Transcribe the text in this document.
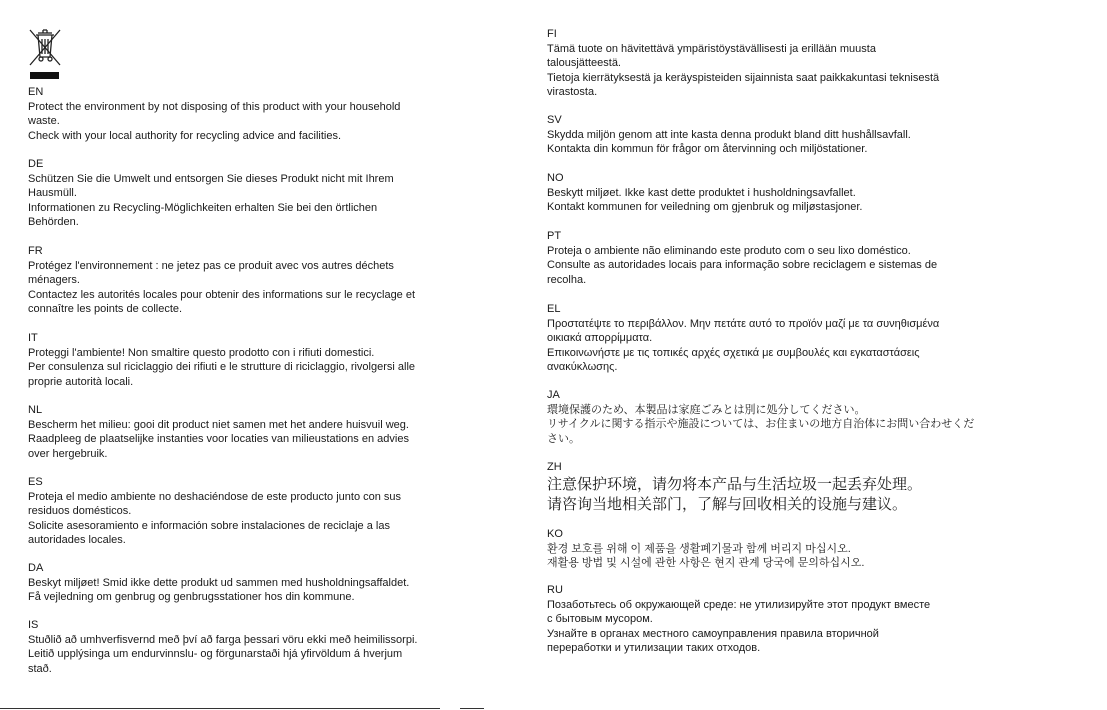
EN
Protect the environment by not disposing of this product with your household
waste.
Check with your local authority for recycling advice and facilities.
DE
Schützen Sie die Umwelt und entsorgen Sie dieses Produkt nicht mit Ihrem
Hausmüll.
Informationen zu Recycling-Möglichkeiten erhalten Sie bei den örtlichen
Behörden.
FR
Protégez l'environnement : ne jetez pas ce produit avec vos autres déchets
ménagers.
Contactez les autorités locales pour obtenir des informations sur le recyclage et
connaître les points de collecte.
IT
Proteggi l'ambiente! Non smaltire questo prodotto con i rifiuti domestici.
Per consulenza sul riciclaggio dei rifiuti e le strutture di riciclaggio, rivolgersi alle
proprie autorità locali.
NL
Bescherm het milieu: gooi dit product niet samen met het andere huisvuil weg.
Raadpleeg de plaatselijke instanties voor locaties van milieustations en advies
over hergebruik.
ES
Proteja el medio ambiente no deshaciéndose de este producto junto con sus
residuos domésticos.
Solicite asesoramiento e información sobre instalaciones de reciclaje a las
autoridades locales.
DA
Beskyt miljøet! Smid ikke dette produkt ud sammen med husholdningsaffaldet.
Få vejledning om genbrug og genbrugsstationer hos din kommune.
IS
Stuðlið að umhverfisvernd með því að farga þessari vöru ekki með heimilissorpi.
Leitið upplýsinga um endurvinnslu- og förgunarstaði hjá yfirvöldum á hverjum
stað.
FI
Tämä tuote on hävitettävä ympäristöystävällisesti ja erillään muusta
talousjätteestä.
Tietoja kierrätyksestä ja keräyspisteiden sijainnista saat paikkakuntasi teknisestä
virastosta.
SV
Skydda miljön genom att inte kasta denna produkt bland ditt hushållsavfall.
Kontakta din kommun för frågor om återvinning och miljöstationer.
NO
Beskytt miljøet. Ikke kast dette produktet i husholdningsavfallet.
Kontakt kommunen for veiledning om gjenbruk og miljøstasjoner.
PT
Proteja o ambiente não eliminando este produto com o seu lixo doméstico.
Consulte as autoridades locais para informação sobre reciclagem e sistemas de
recolha.
EL
Προστατέψτε το περιβάλλον. Μην πετάτε αυτό το προϊόν μαζί με τα συνηθισμένα
οικιακά απορρίμματα.
Επικοινωνήστε με τις τοπικές αρχές σχετικά με συμβουλές και εγκαταστάσεις
ανακύκλωσης.
JA
環境保護のため、本製品は家庭ごみとは別に処分してください。
リサイクルに関する指示や施設については、お住まいの地方自治体にお問い合わせくだ
さい。
ZH
注意保护环境，请勿将本产品与生活垃圾一起丢弃处理。
请咨询当地相关部门，了解与回收相关的设施与建议。
KO
환경 보호를 위해 이 제품을 생활폐기물과 함께 버리지 마십시오.
재활용 방법 및 시설에 관한 사항은 현지 관계 당국에 문의하십시오.
RU
Позаботьтесь об окружающей среде: не утилизируйте этот продукт вместе
с бытовым мусором.
Узнайте в органах местного самоуправления правила вторичной
переработки и утилизации таких отходов.
